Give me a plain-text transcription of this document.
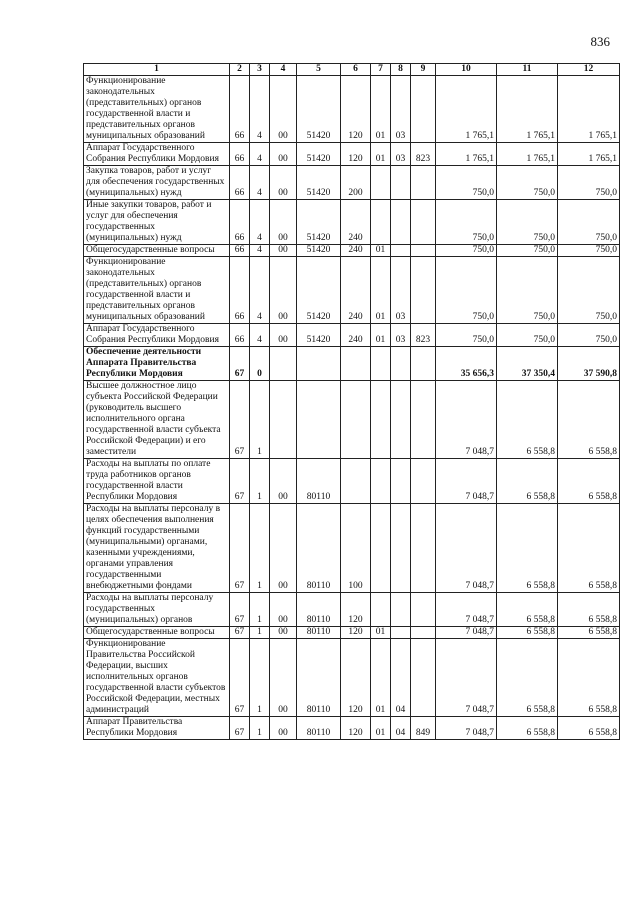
836
1	2	3	4	5	6	7	8	9	10	11	12
Функционирование законодательных (представительных) органов государственной власти и представительных органов муниципальных образований	66	4	00	51420	120	01	03		1 765,1	1 765,1	1 765,1
Аппарат Государственного Собрания Республики Мордовия	66	4	00	51420	120	01	03	823	1 765,1	1 765,1	1 765,1
Закупка товаров, работ и услуг для обеспечения государственных (муниципальных) нужд	66	4	00	51420	200				750,0	750,0	750,0
Иные закупки товаров, работ и услуг для обеспечения государственных (муниципальных) нужд	66	4	00	51420	240				750,0	750,0	750,0
Общегосударственные вопросы	66	4	00	51420	240	01			750,0	750,0	750,0
Функционирование законодательных (представительных) органов государственной власти и представительных органов муниципальных образований	66	4	00	51420	240	01	03		750,0	750,0	750,0
Аппарат Государственного Собрания Республики Мордовия	66	4	00	51420	240	01	03	823	750,0	750,0	750,0
Обеспечение деятельности Аппарата Правительства Республики Мордовия	67	0							35 656,3	37 350,4	37 590,8
Высшее должностное лицо субъекта Российской Федерации (руководитель высшего исполнительного органа государственной власти субъекта Российской Федерации) и его заместители	67	1							7 048,7	6 558,8	6 558,8
Расходы на выплаты по оплате труда работников органов государственной власти Республики Мордовия	67	1	00	80110					7 048,7	6 558,8	6 558,8
Расходы на выплаты персоналу в целях обеспечения выполнения функций государственными (муниципальными) органами, казенными учреждениями, органами управления государственными внебюджетными фондами	67	1	00	80110	100				7 048,7	6 558,8	6 558,8
Расходы на выплаты персоналу государственных (муниципальных) органов	67	1	00	80110	120				7 048,7	6 558,8	6 558,8
Общегосударственные вопросы	67	1	00	80110	120	01			7 048,7	6 558,8	6 558,8
Функционирование Правительства Российской Федерации, высших исполнительных органов государственной власти субъектов Российской Федерации, местных администраций	67	1	00	80110	120	01	04		7 048,7	6 558,8	6 558,8
Аппарат Правительства Республики Мордовия	67	1	00	80110	120	01	04	849	7 048,7	6 558,8	6 558,8
